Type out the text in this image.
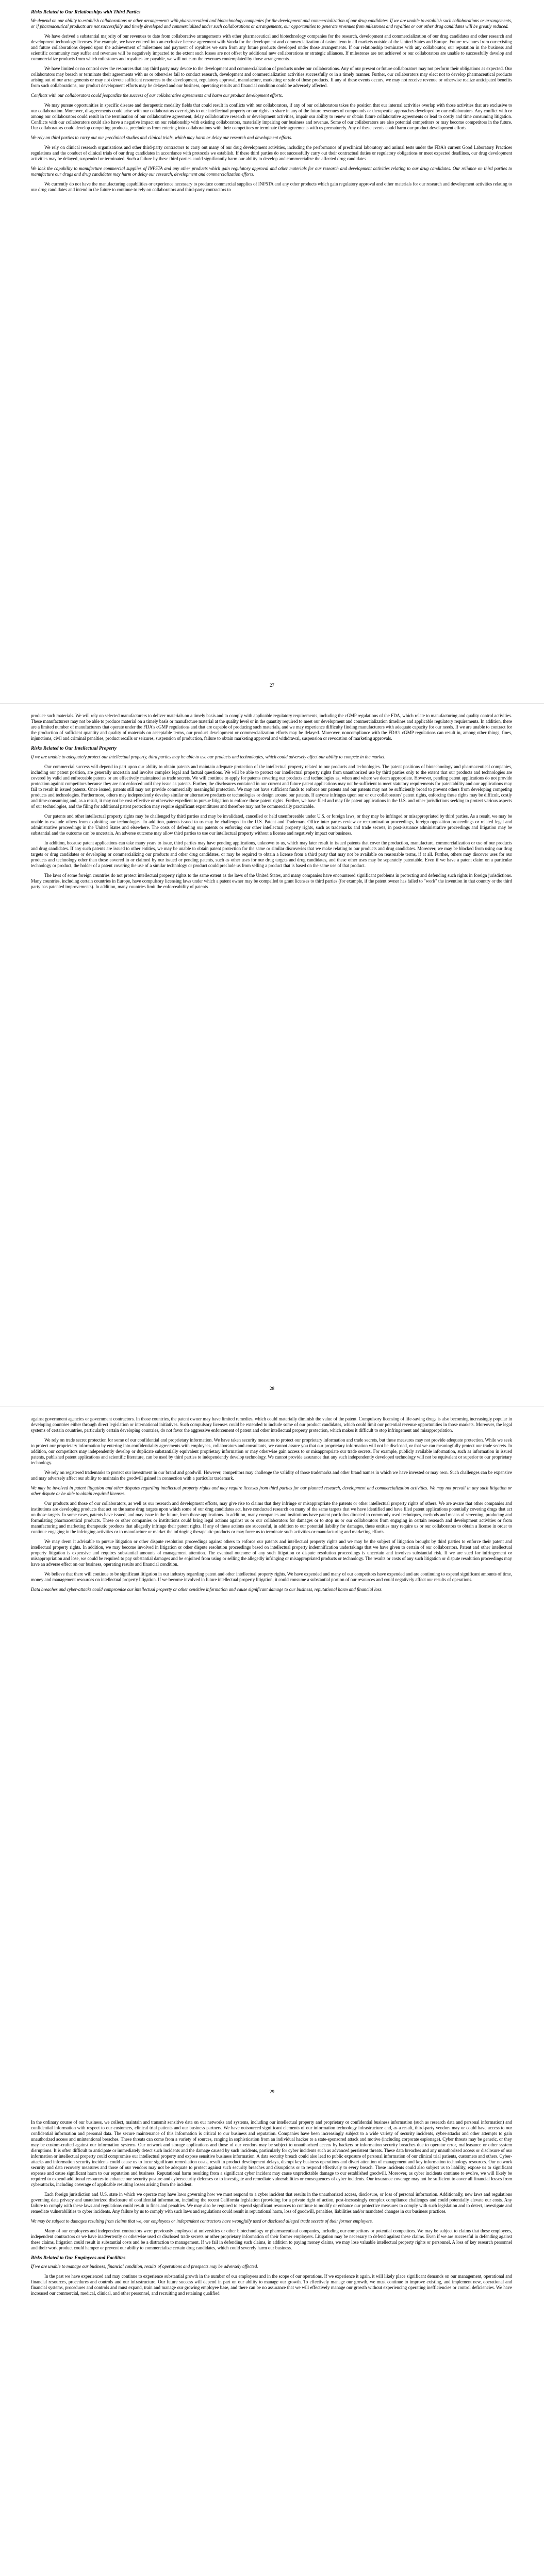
Risks Related to Our Relationships with Third Parties

We depend on our ability to establish collaborations or other arrangements with pharmaceutical and biotechnology companies for the development and commercialization of our drug candidates. If we are unable to establish such collaborations or arrangements, or if pharmaceutical products are not successfully and timely developed and commercialized under such collaborations or arrangements, our opportunities to generate revenues from milestones and royalties or our other drug candidates will be greatly reduced.

We have derived a substantial majority of our revenues to date from collaborative arrangements with other pharmaceutical and biotechnology companies for the research, development and commercialization of our drug candidates and other research and development technology licenses. For example, we have entered into an exclusive license agreement with Vanda for the development and commercialization of tasimelteon in all markets outside of the United States and Europe. Future revenues from our existing and future collaborations depend upon the achievement of milestones and payment of royalties we earn from any future products developed under those arrangements. If our relationship terminates with any collaborator, our reputation in the business and scientific community may suffer and revenues will be negatively impacted to the extent such losses are not offset by additional new collaborations or strategic alliances. If milestones are not achieved or our collaborators are unable to successfully develop and commercialize products from which milestones and royalties are payable, we will not earn the revenues contemplated by those arrangements.

We have limited or no control over the resources that any third party may devote to the development and commercialization of products under our collaborations. Any of our present or future collaborators may not perform their obligations as expected. Our collaborators may breach or terminate their agreements with us or otherwise fail to conduct research, development and commercialization activities successfully or in a timely manner. Further, our collaborators may elect not to develop pharmaceutical products arising out of our arrangements or may not devote sufficient resources to the development, regulatory approval, manufacture, marketing or sale of those products. If any of these events occurs, we may not receive revenue or otherwise realize anticipated benefits from such collaborations, our product development efforts may be delayed and our business, operating results and financial condition could be adversely affected.

Conflicts with our collaborators could jeopardize the success of our collaborative agreements and harm our product development efforts.

We may pursue opportunities in specific disease and therapeutic modality fields that could result in conflicts with our collaborators, if any of our collaborators takes the position that our internal activities overlap with those activities that are exclusive to our collaboration. Moreover, disagreements could arise with our collaborators over rights to our intellectual property or our rights to share in any of the future revenues of compounds or therapeutic approaches developed by our collaborators. Any conflict with or among our collaborators could result in the termination of our collaborative agreement, delay collaborative research or development activities, impair our ability to renew or obtain future collaborative agreements or lead to costly and time consuming litigation. Conflicts with our collaborators could also have a negative impact on our relationship with existing collaborators, materially impairing our business and revenue. Some of our collaborators are also potential competitors or may become competitors in the future. Our collaborators could develop competing products, preclude us from entering into collaborations with their competitors or terminate their agreements with us prematurely. Any of these events could harm our product development efforts.

We rely on third parties to carry out our preclinical studies and clinical trials, which may harm or delay our research and development efforts.

We rely on clinical research organizations and other third-party contractors to carry out many of our drug development activities, including the performance of preclinical laboratory and animal tests under the FDA's current Good Laboratory Practices regulations and the conduct of clinical trials of our drug candidates in accordance with protocols we establish. If these third parties do not successfully carry out their contractual duties or regulatory obligations or meet expected deadlines, our drug development activities may be delayed, suspended or terminated. Such a failure by these third parties could significantly harm our ability to develop and commercialize the affected drug candidates.

We lack the capability to manufacture commercial supplies of INP5TA and any other products which gain regulatory approval and other materials for our research and development activities relating to our drug candidates. Our reliance on third parties to manufacture our drugs and drug candidates may harm or delay our research, development and commercialization efforts.

We currently do not have the manufacturing capabilities or experience necessary to produce commercial supplies of INP5TA and any other products which gain regulatory approval and other materials for our research and development activities relating to our drug candidates and intend in the future to continue to rely on collaborators and third-party contractors to

27

produce such materials. We will rely on selected manufacturers to deliver materials on a timely basis and to comply with applicable regulatory requirements, including the cGMP regulations of the FDA, which relate to manufacturing and quality control activities. These manufacturers may not be able to produce material on a timely basis or manufacture material at the quality level or in the quantity required to meet our development and commercialization timelines and applicable regulatory requirements. In addition, there are a limited number of manufacturers that operate under the FDA's cGMP regulations and that are capable of producing such materials, and we may experience difficulty finding manufacturers with adequate capacity for our needs. If we are unable to contract for the production of sufficient quantity and quality of materials on acceptable terms, our product development or commercialization efforts may be delayed. Moreover, noncompliance with the FDA's cGMP regulations can result in, among other things, fines, injunctions, civil and criminal penalties, product recalls or seizures, suspension of production, failure to obtain marketing approval and withdrawal, suspension or revocation of marketing approvals.

Risks Related to Our Intellectual Property

If we are unable to adequately protect our intellectual property, third parties may be able to use our products and technologies, which could adversely affect our ability to compete in the market.

Our commercial success will depend in part upon our ability to obtain patents and maintain adequate protection of the intellectual property related to our products and technologies. The patent positions of biotechnology and pharmaceutical companies, including our patent position, are generally uncertain and involve complex legal and factual questions. We will be able to protect our intellectual property rights from unauthorized use by third parties only to the extent that our products and technologies are covered by valid and enforceable patents or are effectively maintained as trade secrets. We will continue to apply for patents covering our products and technologies as, when and where we deem appropriate. However, pending patent applications do not provide protection against competitors because they are not enforced until they issue as patents. Further, the disclosures contained in our current and future patent applications may not be sufficient to meet statutory requirements for patentability and our applications may fail to result in issued patents. Once issued, patents still may not provide commercially meaningful protection. We may not have sufficient funds to enforce our patents and our patents may not be sufficiently broad to prevent others from developing competing products and technologies. Furthermore, others may independently develop similar or alternative products or technologies or design around our patents. If anyone infringes upon our or our collaborators' patent rights, enforcing these rights may be difficult, costly and time-consuming and, as a result, it may not be cost-effective or otherwise expedient to pursue litigation to enforce those patent rights. Further, we have filed and may file patent applications in the U.S. and other jurisdictions seeking to protect various aspects of our technologies, and the filing for additional patent protection may require significant expenditures and therefore may not be commercially practicable.

Our patents and other intellectual property rights may be challenged by third parties and may be invalidated, cancelled or held unenforceable under U.S. or foreign laws, or they may be infringed or misappropriated by third parties. As a result, we may be unable to exclude others from exploiting our technologies. In addition, patents issued to us may be challenged in the U.S. Patent and Trademark Office inter partes review or reexamination proceedings, foreign opposition proceedings or related legal and administrative proceedings in the United States and elsewhere. The costs of defending our patents or enforcing our other intellectual property rights, such as trademarks and trade secrets, in post-issuance administrative proceedings and litigation may be substantial and the outcome can be uncertain. An adverse outcome may allow third parties to use our intellectual property without a license and negatively impact our business.

In addition, because patent applications can take many years to issue, third parties may have pending applications, unknown to us, which may later result in issued patents that cover the production, manufacture, commercialization or use of our products and drug candidates. If any such patents are issued to other entities, we may be unable to obtain patent protection for the same or similar discoveries that we make relating to our products and drug candidates. Moreover, we may be blocked from using our drug targets or drug candidates or developing or commercializing our products and other drug candidates, or may be required to obtain a license from a third party that may not be available on reasonable terms, if at all. Further, others may discover uses for our products and technology other than those covered in or claimed by our issued or pending patents, such as other uses for our drug targets and drug candidates, and these other uses may be separately patentable. Even if we have a patent claim on a particular technology or product, the holder of a patent covering the use of a similar technology or product could preclude us from selling a product that is based on the same use of that product.

The laws of some foreign countries do not protect intellectual property rights to the same extent as the laws of the United States, and many companies have encountered significant problems in protecting and defending such rights in foreign jurisdictions. Many countries, including certain countries in Europe, have compulsory licensing laws under which a patent owner may be compelled to grant licenses to third parties (for example, if the patent owner has failed to "work" the invention in that country or the third party has patented improvements). In addition, many countries limit the enforceability of patents

28

against government agencies or government contractors. In those countries, the patent owner may have limited remedies, which could materially diminish the value of the patent. Compulsory licensing of life-saving drugs is also becoming increasingly popular in developing countries either through direct legislation or international initiatives. Such compulsory licenses could be extended to include some of our product candidates, which could limit our potential revenue opportunities in those markets. Moreover, the legal systems of certain countries, particularly certain developing countries, do not favor the aggressive enforcement of patent and other intellectual property protection, which makes it difficult to stop infringement and misappropriation.

We rely on trade secret protection for some of our confidential and proprietary information. We have taken security measures to protect our proprietary information and trade secrets, but these measures may not provide adequate protection. While we seek to protect our proprietary information by entering into confidentiality agreements with employees, collaborators and consultants, we cannot assure you that our proprietary information will not be disclosed, or that we can meaningfully protect our trade secrets. In addition, our competitors may independently develop or duplicate substantially equivalent proprietary information or may otherwise gain access to or misappropriate our trade secrets. For example, publicly available information, such as information in issued patents, published patent applications and scientific literature, can be used by third parties to independently develop technology. We cannot provide assurance that any such independently developed technology will not be equivalent or superior to our proprietary technology.

We rely on registered trademarks to protect our investment in our brand and goodwill. However, competitors may challenge the validity of those trademarks and other brand names in which we have invested or may own. Such challenges can be expensive and may adversely affect our ability to maintain the goodwill gained in connection with a particular trademark.

We may be involved in patent litigation and other disputes regarding intellectual property rights and may require licenses from third parties for our planned research, development and commercialization activities. We may not prevail in any such litigation or other dispute or be able to obtain required licenses.

Our products and those of our collaborators, as well as our research and development efforts, may give rise to claims that they infringe or misappropriate the patents or other intellectual property rights of others. We are aware that other companies and institutions are developing products that act on the same drug targets upon which some of our drug candidates act, have conducted research on many of the same targets that we have identified and have filed patent applications potentially covering drugs that act on those targets. In some cases, patents have issued, and may issue in the future, from those applications. In addition, many companies and institutions have patent portfolios directed to commonly used techniques, methods and means of screening, producing and formulating pharmaceutical products. These or other companies or institutions could bring legal actions against us or our collaborators for damages or to stop us or our collaborators from engaging in certain research and development activities or from manufacturing and marketing therapeutic products that allegedly infringe their patent rights. If any of these actions are successful, in addition to our potential liability for damages, these entities may require us or our collaborators to obtain a license in order to continue engaging in the infringing activities or to manufacture or market the infringing therapeutic products or may force us to terminate such activities or manufacturing and marketing efforts.

We may deem it advisable to pursue litigation or other dispute resolution proceedings against others to enforce our patents and intellectual property rights and we may be the subject of litigation brought by third parties to enforce their patent and intellectual property rights. In addition, we may become involved in litigation or other dispute resolution proceedings based on intellectual property indemnification undertakings that we have given to certain of our collaborators. Patent and other intellectual property litigation is expensive and requires substantial amounts of management attention. The eventual outcome of any such litigation or dispute resolution proceedings is uncertain and involves substantial risk. If we are sued for infringement or misappropriation and lose, we could be required to pay substantial damages and be enjoined from using or selling the allegedly infringing or misappropriated products or technology. The results or costs of any such litigation or dispute resolution proceedings may have an adverse effect on our business, operating results and financial condition.

We believe that there will continue to be significant litigation in our industry regarding patent and other intellectual property rights. We have expended and many of our competitors have expended and are continuing to expend significant amounts of time, money and management resources on intellectual property litigation. If we become involved in future intellectual property litigation, it could consume a substantial portion of our resources and could negatively affect our results of operations.

Data breaches and cyber-attacks could compromise our intellectual property or other sensitive information and cause significant damage to our business, reputational harm and financial loss.

29

In the ordinary course of our business, we collect, maintain and transmit sensitive data on our networks and systems, including our intellectual property and proprietary or confidential business information (such as research data and personal information) and confidential information with respect to our customers, clinical trial patients and our business partners. We have outsourced significant elements of our information technology infrastructure and, as a result, third-party vendors may or could have access to our confidential information and personal data. The secure maintenance of this information is critical to our business and reputation. Companies have been increasingly subject to a wide variety of security incidents, cyber-attacks and other attempts to gain unauthorized access and unintentional breaches. These threats can come from a variety of sources, ranging in sophistication from an individual hacker to a state-sponsored attack and motive (including corporate espionage). Cyber threats may be generic, or they may be custom-crafted against our information systems. Our network and storage applications and those of our vendors may be subject to unauthorized access by hackers or information security breaches due to operator error, malfeasance or other system disruptions. It is often difficult to anticipate or immediately detect such incidents and the damage caused by such incidents, particularly for cyber incidents such as advanced persistent threats. These data breaches and any unauthorized access or disclosure of our information or intellectual property could compromise our intellectual property and expose sensitive business information. A data security breach could also lead to public exposure of personal information of our clinical trial patients, customers and others. Cyber-attacks and information security incidents could cause us to incur significant remediation costs, result in product development delays, disrupt key business operations and divert attention of management and key information technology resources. Our network security and data recovery measures and those of our vendors may not be adequate to protect against such security breaches and disruptions or to respond effectively to every breach. These incidents could also subject us to liability, expose us to significant expense and cause significant harm to our reputation and business. Reputational harm resulting from a significant cyber incident may cause unpredictable damage to our established goodwill. Moreover, as cyber incidents continue to evolve, we will likely be required to expend additional resources to enhance our security posture and cybersecurity defenses or to investigate and remediate vulnerabilities or consequences of cyber incidents. Our insurance coverage may not be sufficient to cover all financial losses from cyberattacks, including coverage of applicable resulting losses arising from the incident.

Each foreign jurisdiction and U.S. state in which we operate may have laws governing how we must respond to a cyber incident that results in the unauthorized access, disclosure, or loss of personal information. Additionally, new laws and regulations governing data privacy and unauthorized disclosure of confidential information, including the recent California legislation (providing for a private right of action, post-increasingly complex compliance challenges and could potentially elevate our costs. Any failure to comply with these laws and regulations could result in fines and penalties. We may also be required to expend significant resources to continue to modify or enhance our protective measures to comply with such legislation and to detect, investigate and remediate vulnerabilities to cyber incidents. Any failure by us to comply with such laws and regulations could result in reputational harm, loss of goodwill, penalties, liabilities and/or mandated changes in our business practices.

We may be subject to damages resulting from claims that we, our employees or independent contractors have wrongfully used or disclosed alleged trade secrets of their former employers.

Many of our employees and independent contractors were previously employed at universities or other biotechnology or pharmaceutical companies, including our competitors or potential competitors. We may be subject to claims that these employees, independent contractors or we have inadvertently or otherwise used or disclosed trade secrets or other proprietary information of their former employers. Litigation may be necessary to defend against these claims. Even if we are successful in defending against these claims, litigation could result in substantial costs and be a distraction to management. If we fail in defending such claims, in addition to paying money claims, we may lose valuable intellectual property rights or personnel. A loss of key research personnel and their work product could hamper or prevent our ability to commercialize certain drug candidates, which could severely harm our business.

Risks Related to Our Employees and Facilities

If we are unable to manage our business, financial condition, results of operations and prospects may be adversely affected.

In the past we have experienced and may continue to experience substantial growth in the number of our employees and in the scope of our operations. If we experience it again, it will likely place significant demands on our management, operational and financial resources, procedures and controls and our infrastructure. Our future success will depend in part on our ability to manage our growth. To effectively manage our growth, we must continue to improve existing, and implement new, operational and financial systems, procedures and controls and must expand, train and manage our growing employee base, and there can be no assurance that we will effectively manage our growth without experiencing operating inefficiencies or control deficiencies. We have increased our commercial, medical, clinical, and other personnel, and recruiting and retaining qualified
